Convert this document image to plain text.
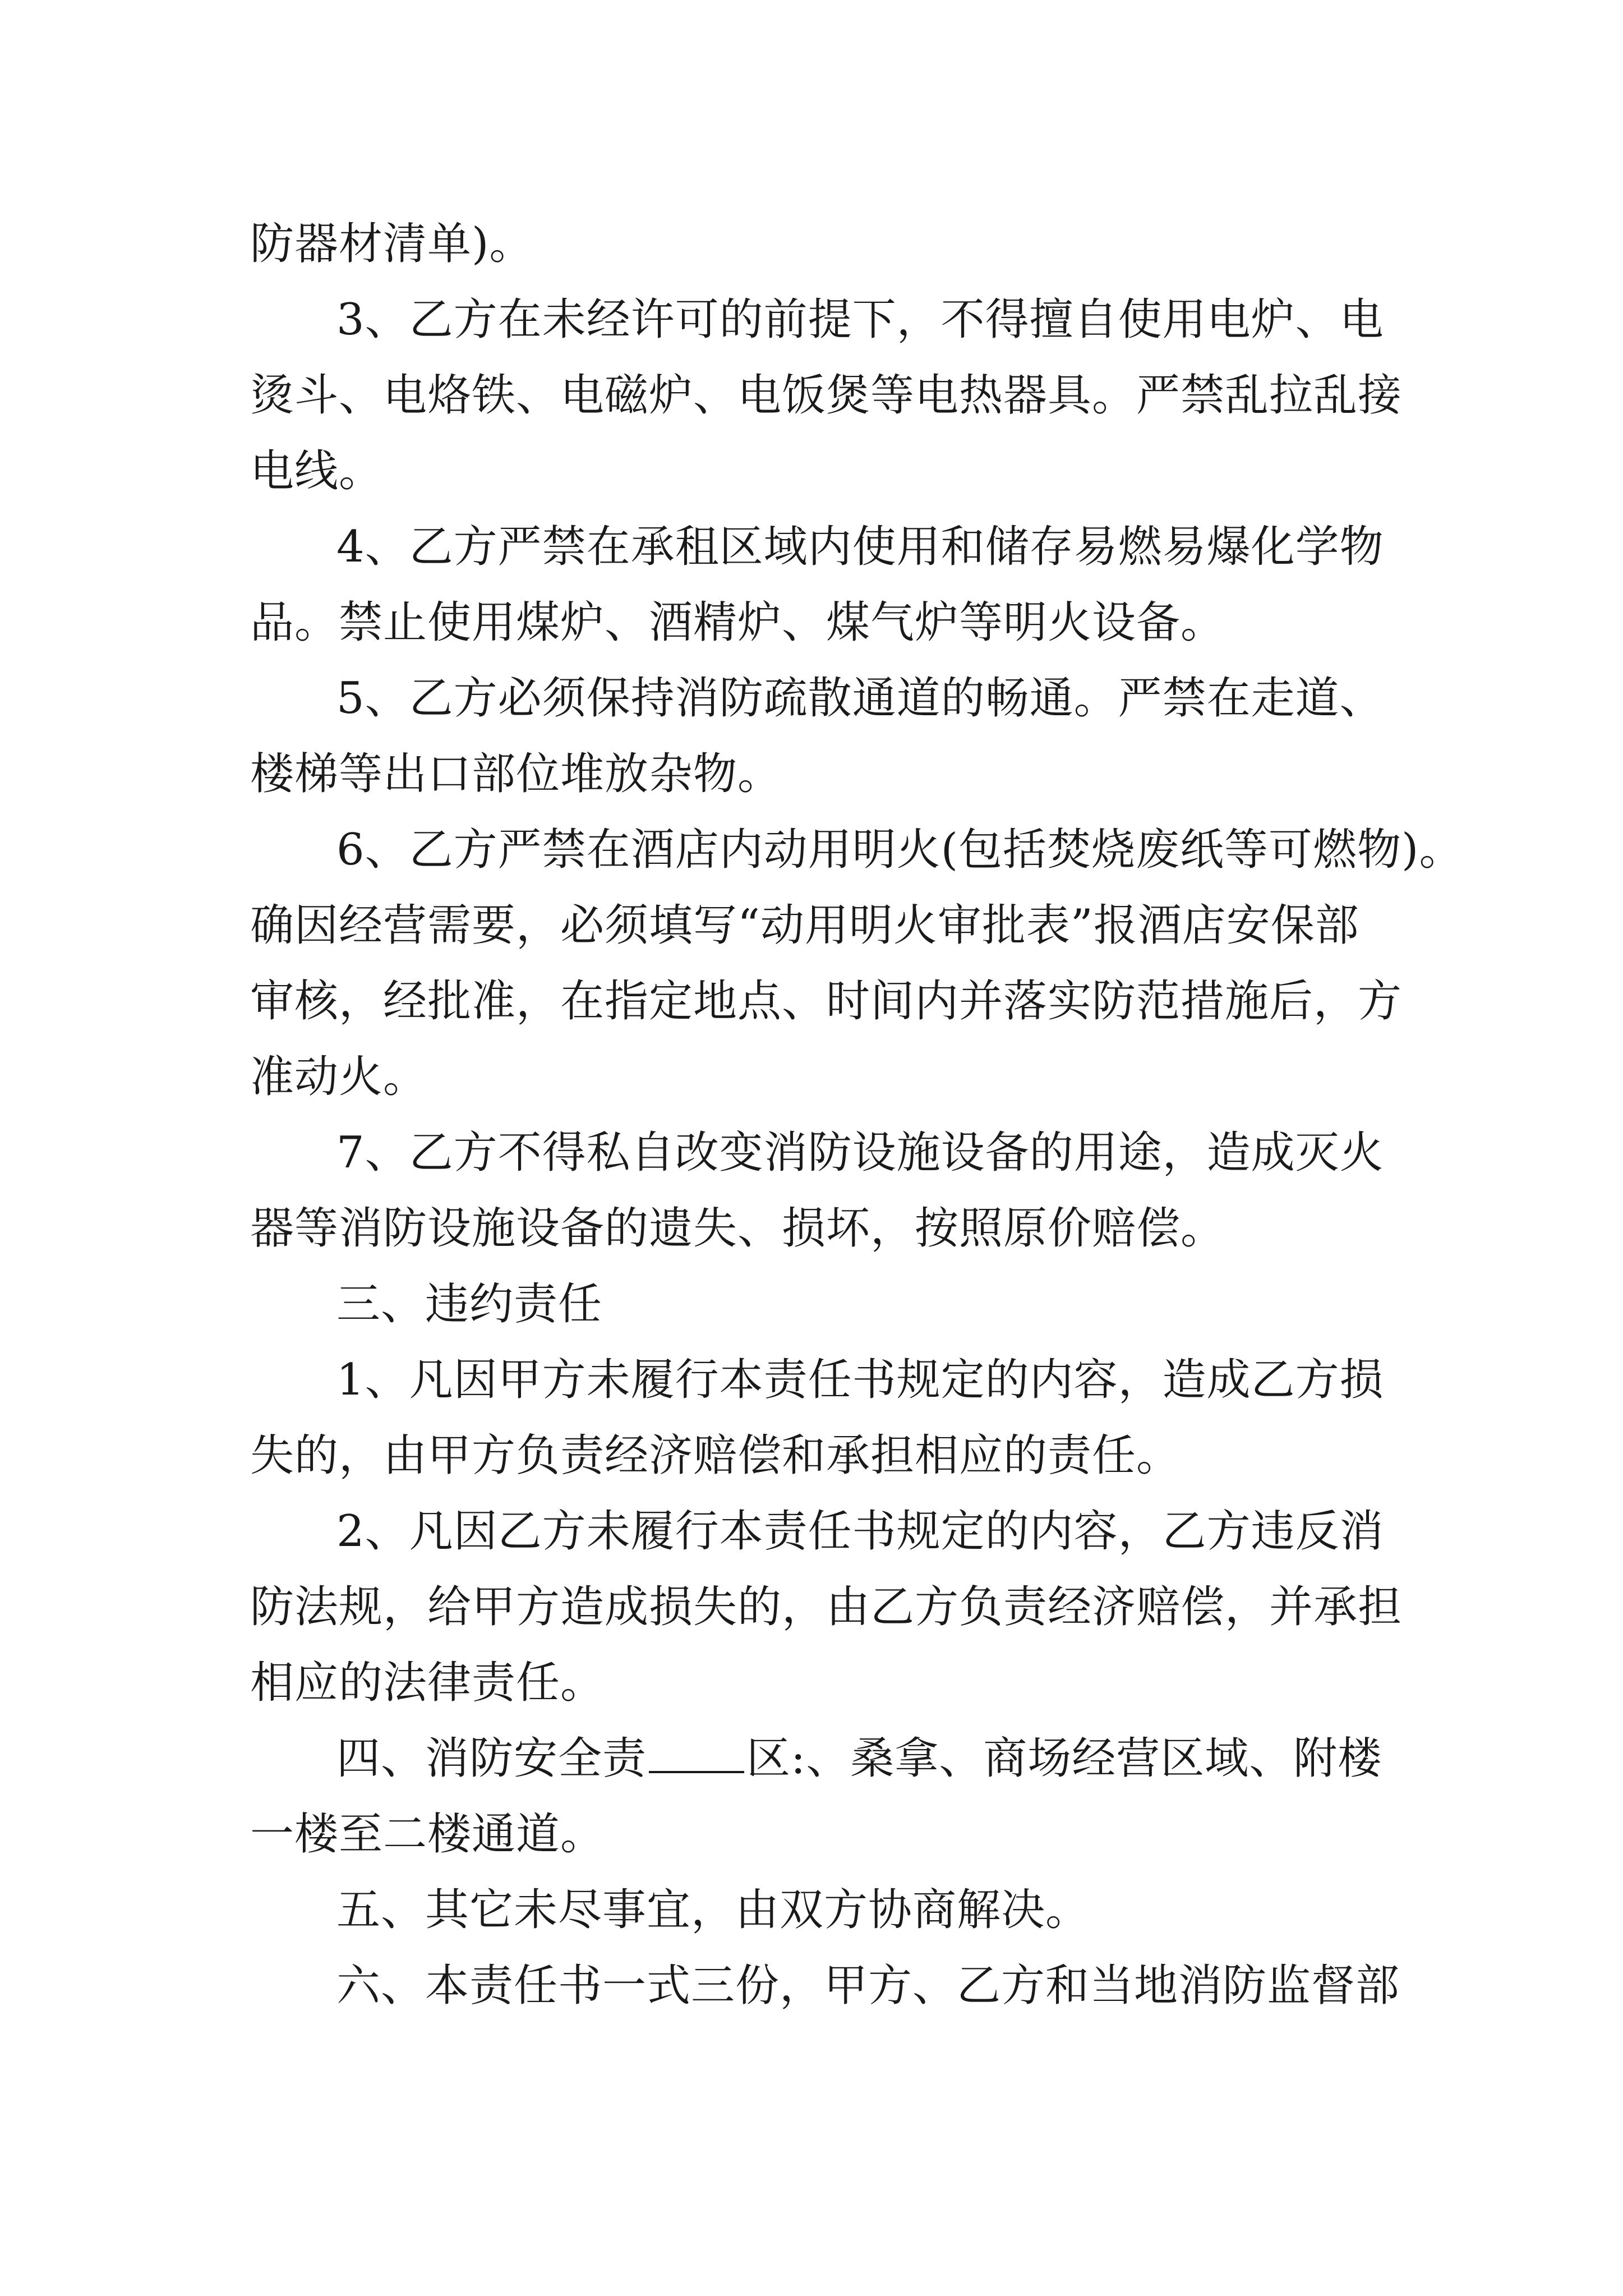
防器材清单)。
3、乙方在未经许可的前提下，不得擅自使用电炉、电
烫斗、电烙铁、电磁炉、电饭煲等电热器具。严禁乱拉乱接
电线。
4、乙方严禁在承租区域内使用和储存易燃易爆化学物
品。禁止使用煤炉、酒精炉、煤气炉等明火设备。
5、乙方必须保持消防疏散通道的畅通。严禁在走道、
楼梯等出口部位堆放杂物。
6、乙方严禁在酒店内动用明火(包括焚烧废纸等可燃物)。
确因经营需要，必须填写“动用明火审批表”报酒店安保部
审核，经批准，在指定地点、时间内并落实防范措施后，方
准动火。
7、乙方不得私自改变消防设施设备的用途，造成灭火
器等消防设施设备的遗失、损坏，按照原价赔偿。
三、违约责任
1、凡因甲方未履行本责任书规定的内容，造成乙方损
失的，由甲方负责经济赔偿和承担相应的责任。
2、凡因乙方未履行本责任书规定的内容，乙方违反消
防法规，给甲方造成损失的，由乙方负责经济赔偿，并承担
相应的法律责任。
四、消防安全责 区:、桑拿、商场经营区域、附楼
一楼至二楼通道。
五、其它未尽事宜，由双方协商解决。
六、本责任书一式三份，甲方、乙方和当地消防监督部
